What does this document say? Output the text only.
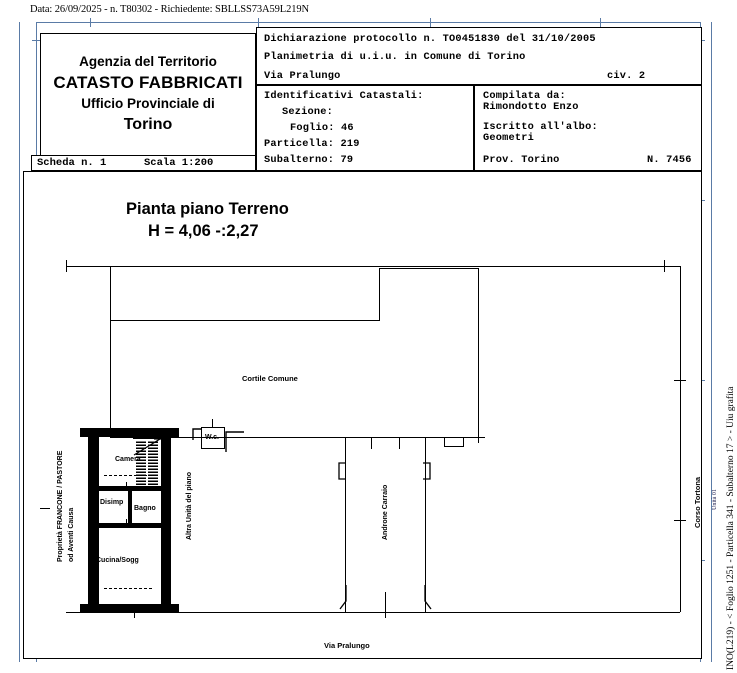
Data: 26/09/2025 - n. T80302 - Richiedente: SBLLSS73A59L219N
Agenzia del Territorio
CATASTO FABBRICATI
Ufficio Provinciale di
Torino
Scheda n. 1	Scala 1:200
Dichiarazione protocollo n. TO0451830 del 31/10/2005
Planimetria di u.i.u. in Comune di Torino
Via Pralungo	civ. 2
Identificativi Catastali:
Sezione:
Foglio: 46
Particella: 219
Subalterno: 79
Compilata da:
Rimondotto Enzo
Iscritto all'albo:
Geometri
Prov. Torino	N. 7456
Pianta piano Terreno
H = 4,06 -:2,27
Cortile Comune
Camera
Disimp
Bagno
Cucina/Sogg
Altra Unità del piano
Proprietà FRANCONE / PASTORE od Aventi Causa
W.c.
Androne Carraio
Via Pralungo
Corso Tortona	INO(L219) - < Foglio 1251 - Particella 341 - Subalterno 17 > - Uiu grafita
Unità 01
